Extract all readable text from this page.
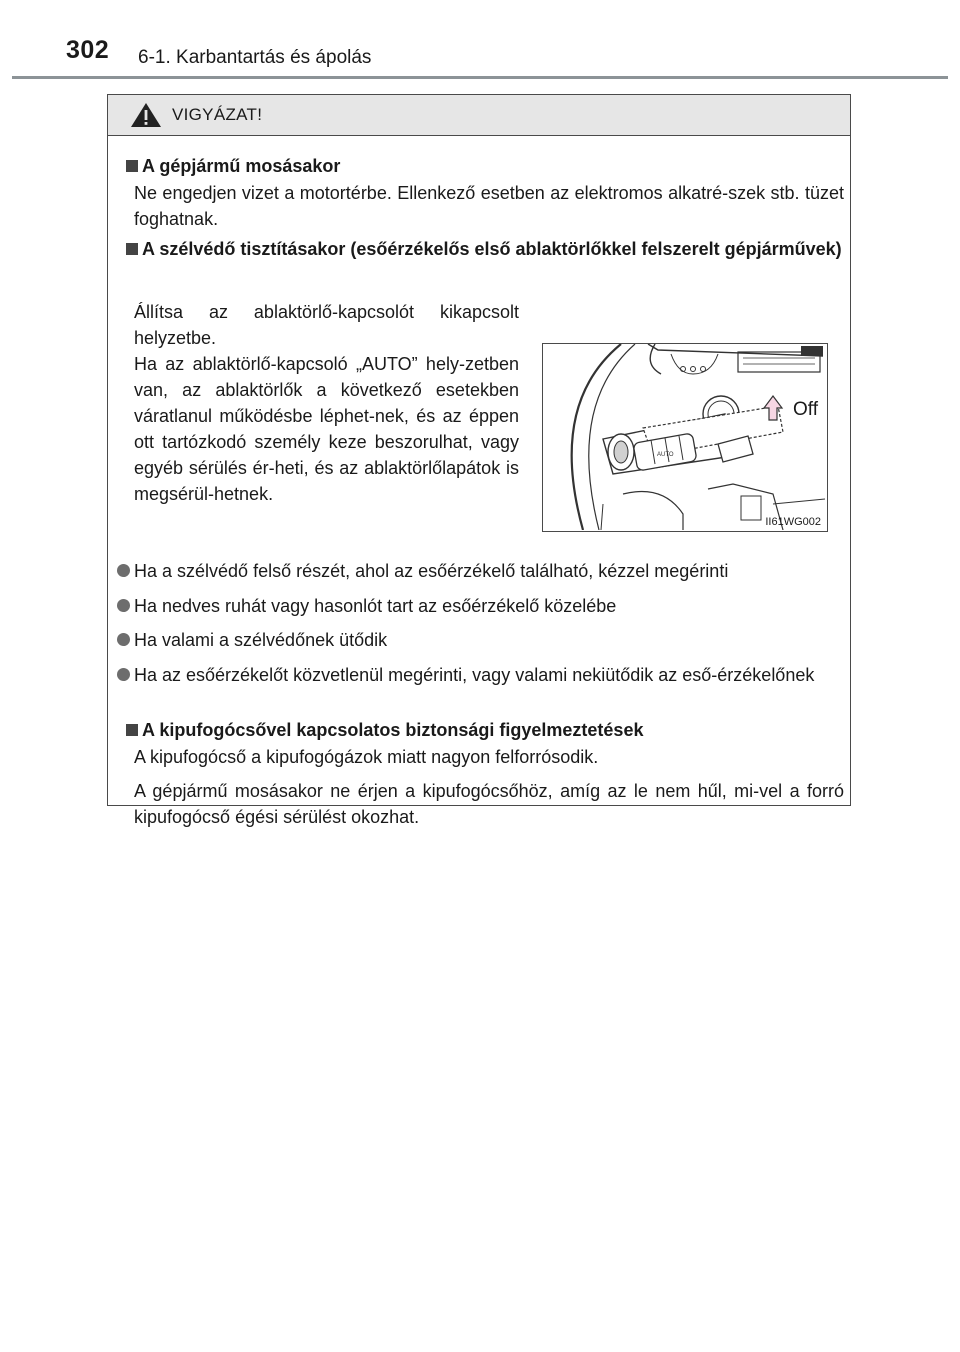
302 6-1. Karbantartás és ápolás
VIGYÁZAT!
A gépjármű mosásakor
Ne engedjen vizet a motortérbe. Ellenkező esetben az elektromos alkatré-szek stb. tüzet foghatnak.
A szélvédő tisztításakor (esőérzékelős első ablaktörlőkkel felszerelt gépjárművek)
Állítsa az ablaktörlő-kapcsolót kikapcsolt helyzetbe.
Ha az ablaktörlő-kapcsoló „AUTO” hely-zetben van, az ablaktörlők a következő esetekben váratlanul működésbe léphet-nek, és az éppen ott tartózkodó személy keze beszorulhat, vagy egyéb sérülés ér-heti, és az ablaktörlőlapátok is megsérül-hetnek.
AUTO
Off
II61WG002
Ha a szélvédő felső részét, ahol az esőérzékelő található, kézzel megérinti
Ha nedves ruhát vagy hasonlót tart az esőérzékelő közelébe
Ha valami a szélvédőnek ütődik
Ha az esőérzékelőt közvetlenül megérinti, vagy valami nekiütődik az eső-érzékelőnek
A kipufogócsővel kapcsolatos biztonsági figyelmeztetések
A kipufogócső a kipufogógázok miatt nagyon felforrósodik.
A gépjármű mosásakor ne érjen a kipufogócsőhöz, amíg az le nem hűl, mi-vel a forró kipufogócső égési sérülést okozhat.
